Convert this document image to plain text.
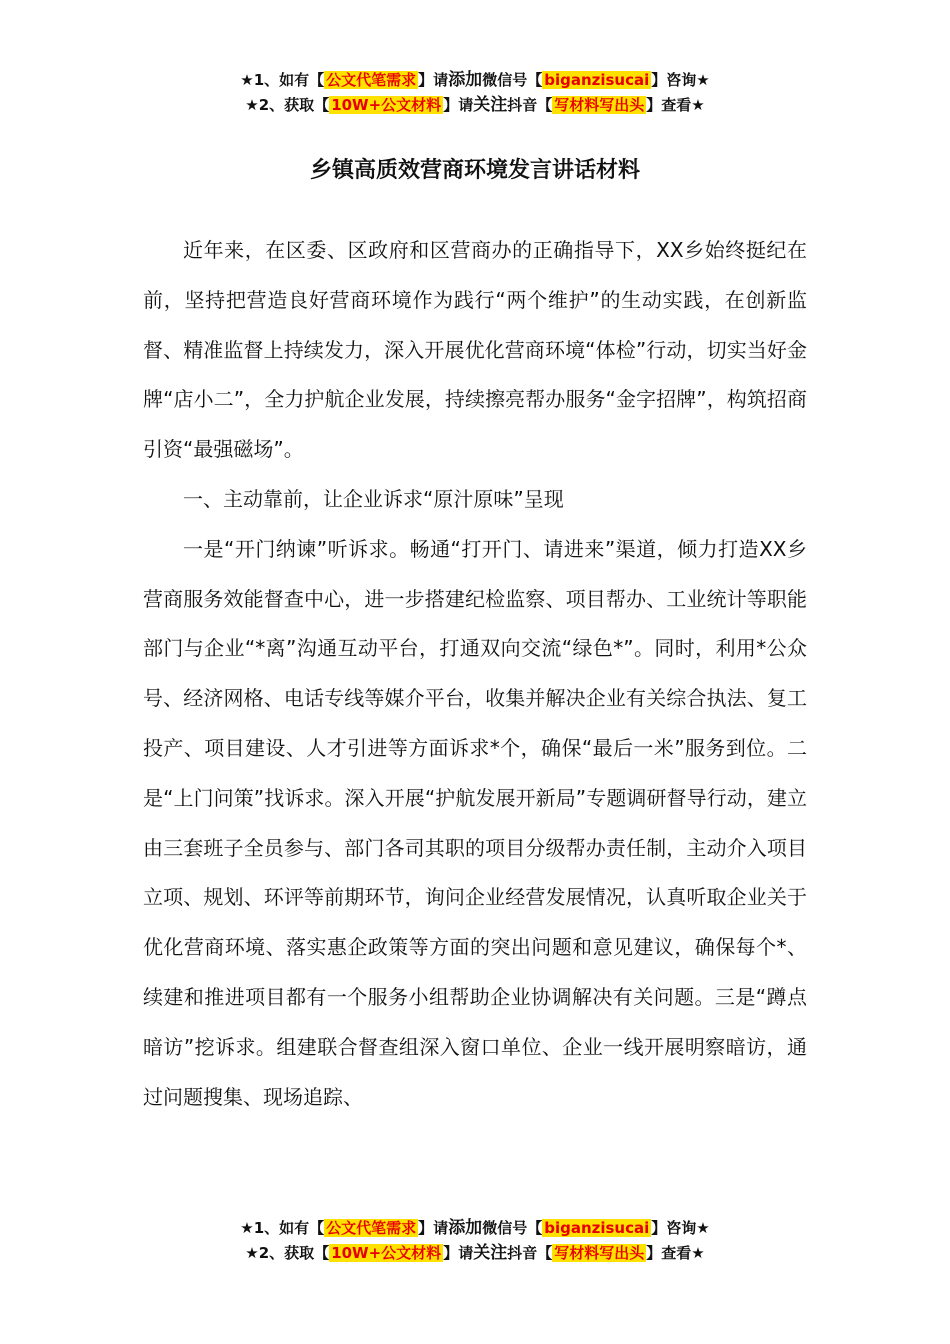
★1、如有【 公文代笔需求 】请添加微信号【 biganzisucai 】咨询★
★2、获取【 10W+公文材料 】请关注抖音【 写材料写出头 】查看★
乡镇高质效营商环境发言讲话材料

近年来，在区委、区政府和区营商办的正确指导下，XX乡始终挺纪在前，坚持把营造良好营商环境作为践行“两个维护”的生动实践，在创新监督、精准监督上持续发力，深入开展优化营商环境“体检”行动，切实当好金牌“店小二”，全力护航企业发展，持续擦亮帮办服务“金字招牌”，构筑招商引资“最强磁场”。

一、主动靠前，让企业诉求“原汁原味”呈现

一是“开门纳谏”听诉求。畅通“打开门、请进来”渠道，倾力打造XX乡营商服务效能督查中心，进一步搭建纪检监察、项目帮办、工业统计等职能部门与企业“*离”沟通互动平台，打通双向交流“绿色*”。同时，利用*公众号、经济网格、电话专线等媒介平台，收集并解决企业有关综合执法、复工投产、项目建设、人才引进等方面诉求*个，确保“最后一米”服务到位。二是“上门问策”找诉求。深入开展“护航发展开新局”专题调研督导行动，建立由三套班子全员参与、部门各司其职的项目分级帮办责任制，主动介入项目立项、规划、环评等前期环节，询问企业经营发展情况，认真听取企业关于优化营商环境、落实惠企政策等方面的突出问题和意见建议，确保每个*、续建和推进项目都有一个服务小组帮助企业协调解决有关问题。三是“蹲点暗访”挖诉求。组建联合督查组深入窗口单位、企业一线开展明察暗访，通过问题搜集、现场追踪、

★1、如有【 公文代笔需求 】请添加微信号【 biganzisucai 】咨询★
★2、获取【 10W+公文材料 】请关注抖音【 写材料写出头 】查看★
